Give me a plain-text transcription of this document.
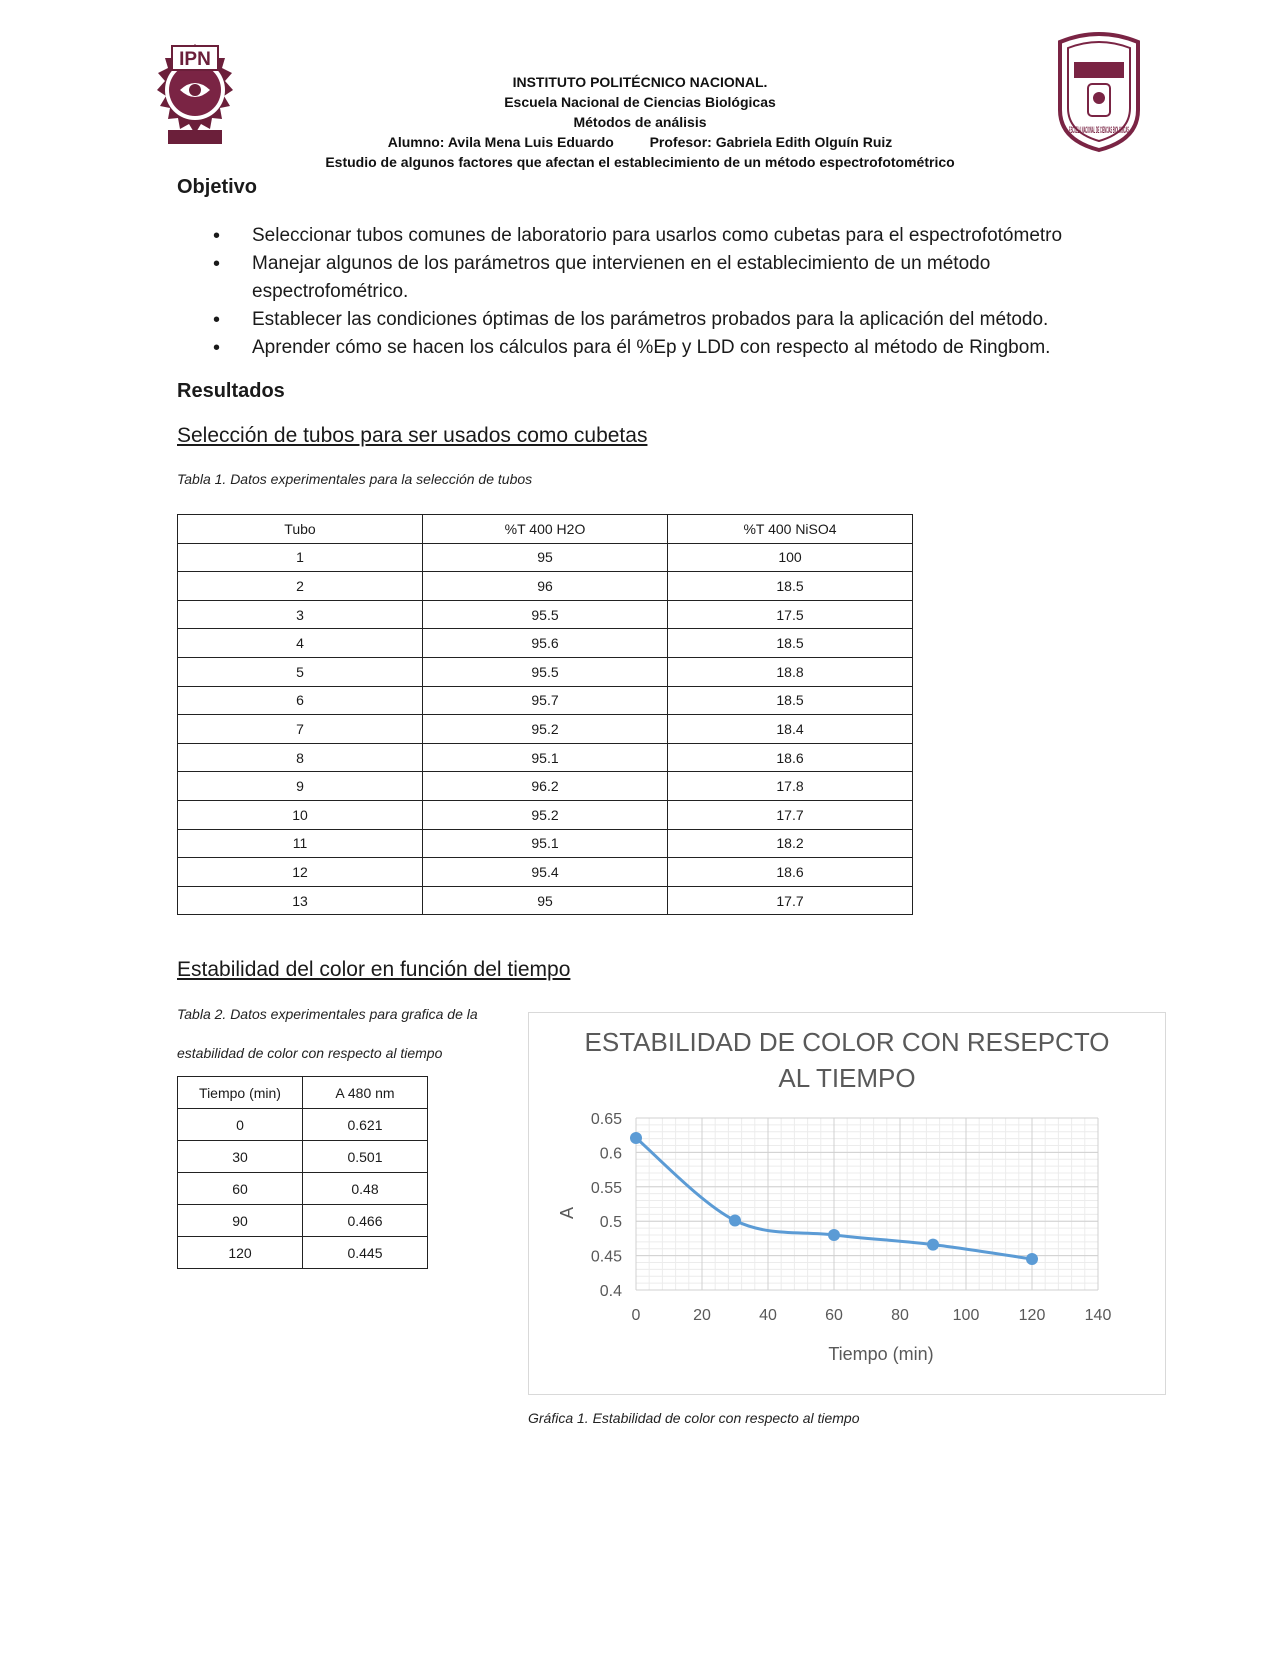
IPN
ESCUELA NACIONAL DE CIENCIAS BIOLOGICAS
INSTITUTO POLITÉCNICO NACIONAL.
Escuela Nacional de Ciencias Biológicas
Métodos de análisis
Alumno: Avila Mena Luis Eduardo	Profesor: Gabriela Edith Olguín Ruiz
Estudio de algunos factores que afectan el establecimiento de un método espectrofotométrico
Objetivo
• Seleccionar tubos comunes de laboratorio para usarlos como cubetas para el espectrofotómetro
• Manejar algunos de los parámetros que intervienen en el establecimiento de un método espectrofométrico.
• Establecer las condiciones óptimas de los parámetros probados para la aplicación del método.
• Aprender cómo se hacen los cálculos para él %Ep y LDD con respecto al método de Ringbom.
Resultados
Selección de tubos para ser usados como cubetas
Tabla 1. Datos experimentales para la selección de tubos
Tubo	%T 400 H2O	%T 400 NiSO4
1	95	100
2	96	18.5
3	95.5	17.5
4	95.6	18.5
5	95.5	18.8
6	95.7	18.5
7	95.2	18.4
8	95.1	18.6
9	96.2	17.8
10	95.2	17.7
11	95.1	18.2
12	95.4	18.6
13	95	17.7
Estabilidad del color en función del tiempo
Tabla 2. Datos experimentales para grafica de la
estabilidad de color con respecto al tiempo
Tiempo (min)	A 480 nm
0	0.621
30	0.501
60	0.48
90	0.466
120	0.445
ESTABILIDAD DE COLOR CON RESEPCTO
AL TIEMPO
0	20	40	60	80	100 120 140
0.4
0.45
0.5
0.55
0.6
0.65
Tiempo (min)
A
Gráfica 1. Estabilidad de color con respecto al tiempo
